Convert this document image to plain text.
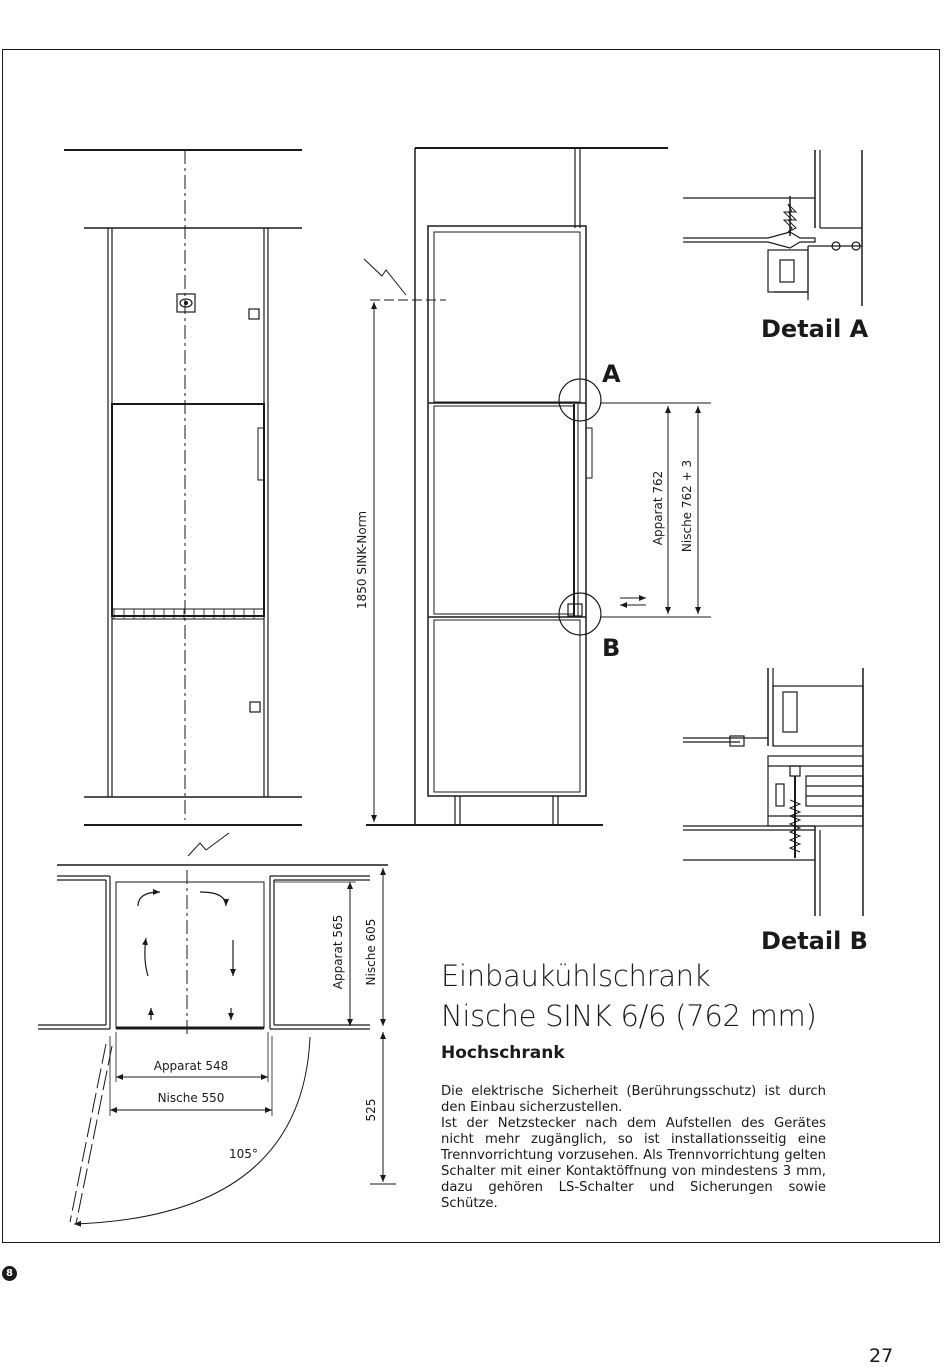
1850 SINK-Norm
Apparat 762 Nische 762 + 3
A
B
Detail A
Detail B
Apparat 548
Nische 550
Apparat 565 Nische 605
525
105°
Einbaukühlschrank
Nische SINK 6/6 (762 mm)
Hochschrank

Die elektrische Sicherheit (Berührungsschutz) ist durch den Einbau sicherzustellen.

Ist der Netzstecker nach dem Aufstellen des Gerätes nicht mehr zugänglich, so ist installationsseitig eine Trennvorrichtung vorzusehen. Als Trennvorrichtung gelten Schalter mit einer Kontaktöffnung von mindestens 3 mm, dazu gehören LS-Schalter und Sicherungen sowie Schütze.

8
27
